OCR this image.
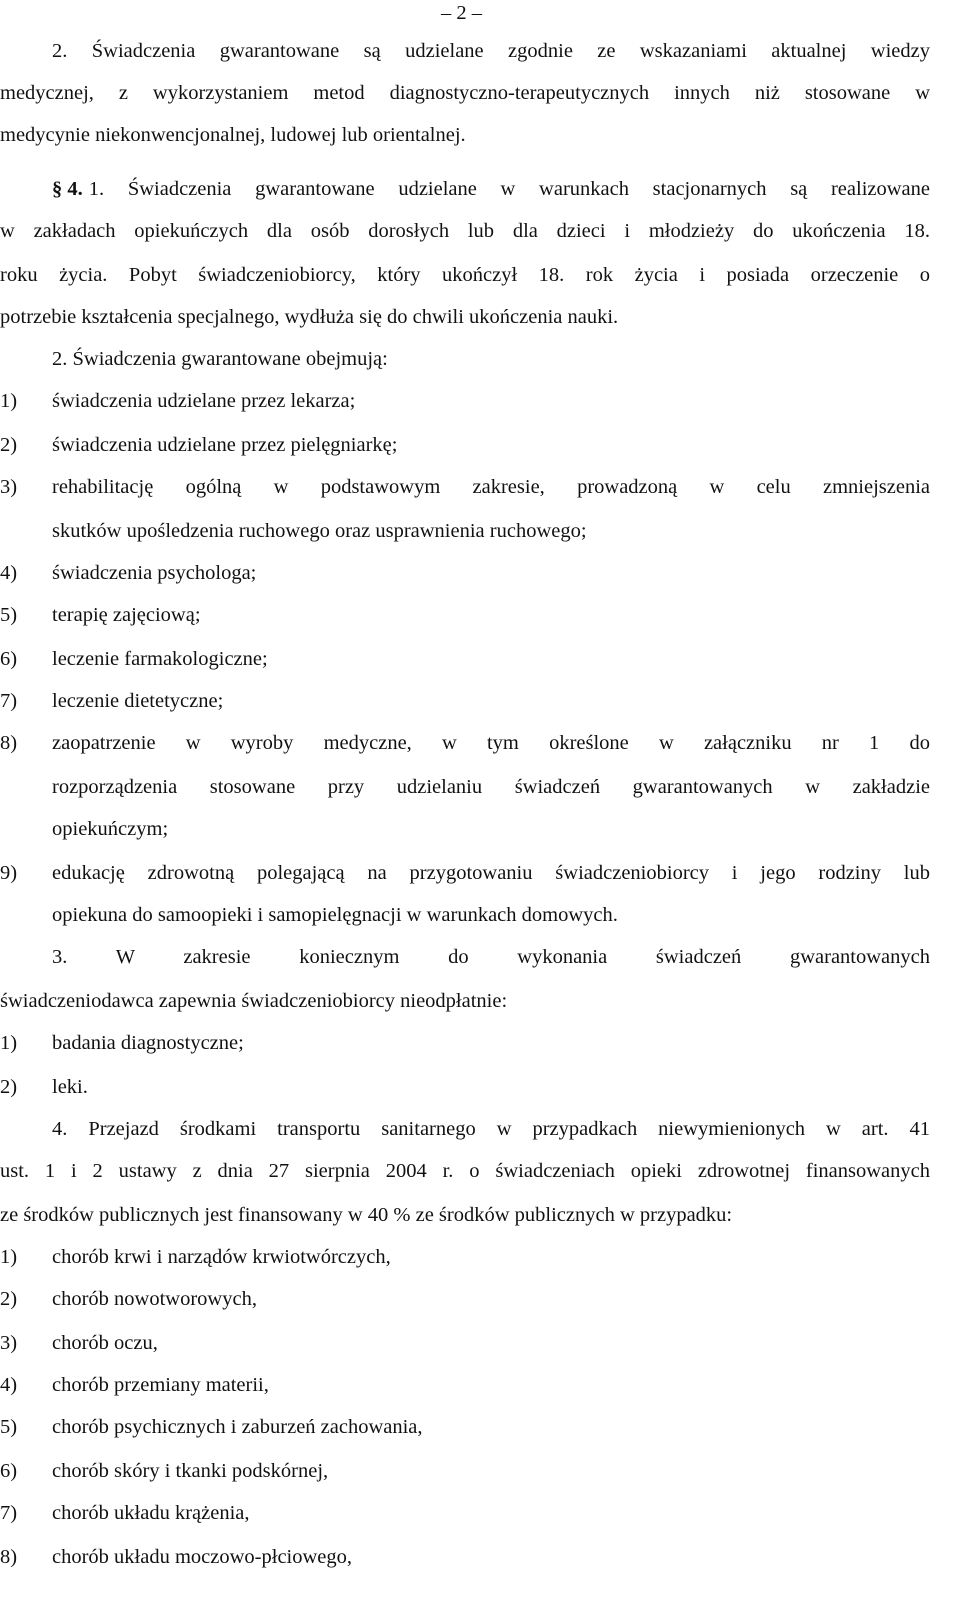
– 2 –
2. Świadczenia gwarantowane są udzielane zgodnie ze wskazaniami aktualnej wiedzy
medycznej, z wykorzystaniem metod diagnostyczno-terapeutycznych innych niż stosowane w
medycynie niekonwencjonalnej, ludowej lub orientalnej.
§ 4. 1. Świadczenia gwarantowane udzielane w warunkach stacjonarnych są realizowane
w zakładach opiekuńczych dla osób dorosłych lub dla dzieci i młodzieży do ukończenia 18.
roku życia. Pobyt świadczeniobiorcy, który ukończył 18. rok życia i posiada orzeczenie o
potrzebie kształcenia specjalnego, wydłuża się do chwili ukończenia nauki.
2. Świadczenia gwarantowane obejmują:
1) świadczenia udzielane przez lekarza;
2) świadczenia udzielane przez pielęgniarkę;
3) rehabilitację ogólną w podstawowym zakresie, prowadzoną w celu zmniejszenia
skutków upośledzenia ruchowego oraz usprawnienia ruchowego;
4) świadczenia psychologa;
5) terapię zajęciową;
6) leczenie farmakologiczne;
7) leczenie dietetyczne;
8) zaopatrzenie w wyroby medyczne, w tym określone w załączniku nr 1 do
rozporządzenia stosowane przy udzielaniu świadczeń gwarantowanych w zakładzie
opiekuńczym;
9) edukację zdrowotną polegającą na przygotowaniu świadczeniobiorcy i jego rodziny lub
opiekuna do samoopieki i samopielęgnacji w warunkach domowych.
3. W zakresie koniecznym do wykonania świadczeń gwarantowanych
świadczeniodawca zapewnia świadczeniobiorcy nieodpłatnie:
1) badania diagnostyczne;
2) leki.
4. Przejazd środkami transportu sanitarnego w przypadkach niewymienionych w art. 41
ust. 1 i 2 ustawy z dnia 27 sierpnia 2004 r. o świadczeniach opieki zdrowotnej finansowanych
ze środków publicznych jest finansowany w 40 % ze środków publicznych w przypadku:
1) chorób krwi i narządów krwiotwórczych,
2) chorób nowotworowych,
3) chorób oczu,
4) chorób przemiany materii,
5) chorób psychicznych i zaburzeń zachowania,
6) chorób skóry i tkanki podskórnej,
7) chorób układu krążenia,
8) chorób układu moczowo-płciowego,
